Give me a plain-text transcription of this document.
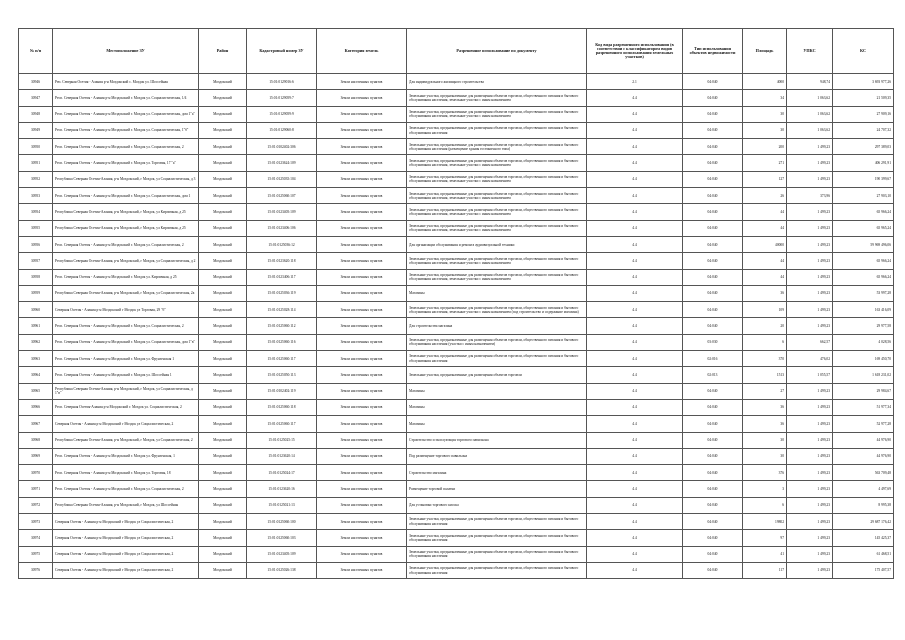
№ п/п	Местоположение ЗУ	Район	Кадастровый номер ЗУ	Категория земель	Разрешенное использование по документу	Код вида разрешенного использования (в соответствии с классификатором видов разрешенного использования земельных участков)	Тип использования объектов недвижимости	Площадь	УПКС	КС
30946	Реп. Северная Осетия - Алания р-н Моздокский с. Моздок ул. Шоссейная	Моздокский	15:01:0129016:6	Земли населенных пунктов	Для индивидуального жилищного строительства	2.1	04:040	4000	948,74	3 693 977,26
30947	Респ. Северная Осетия - Алания р-н Моздокский г. Моздок ул. Социалистическая, 1/4	Моздокский	15:01:0129059:7	Земли населенных пунктов	Земельные участки, предназначенные для размещения объектов торговли, общественного питания и бытового обслуживания населения, земельные участки с иным назначением	4.4	04:040	34	1 063,62	21 509,35
30948	Респ. Северная Осетия - Алания р-н Моздокский г. Моздок ул. Социалистическая, дом 1"а"	Моздокский	15:01:0129059:9	Земли населенных пунктов	Земельные участки, предназначенные для размещения объектов торговли, общественного питания и бытового обслуживания населения, земельные участки с иным назначением	4.4	04:040	30	1 063,62	27 909,16
30949	Респ. Северная Осетия - Алания р-н Моздокский г. Моздок ул. Социалистическая, 1"б"	Моздокский	15:01:0129060:8	Земли населенных пунктов	Земельные участки, предназначенные для размещения объектов торговли, общественного питания и бытового обслуживания населения	4.4	04:040	30	1 063,62	24 707,32
30950	Респ. Северная Осетия - Алания р-н Моздокский г. Моздок ул. Социалистическая, 2	Моздокский	15:01:0102402:306	Земли населенных пунктов	Земельные участки, предназначенные для размещения объектов торговли, общественного питания и бытового обслуживания населения (размещение здания гостиничного типа)	4.4	04:040	200	1 499,23	297 389,03
30951	Респ. Северная Осетия - Алания р-н Моздокский г. Моздок ул. Торговая, 17 "а"	Моздокский	15:01:0123624:109	Земли населенных пунктов	Земельные участки, предназначенные для размещения объектов торговли, общественного питания и бытового обслуживания населения, земельные участки с иным назначением	4.4	04:040	271	1 499,23	406 291,91
30952	Республика Северная Осетия-Алания, р-н Моздокский, г Моздок, ул Социалистическая, д 3	Моздокский	15:01:0125035:104	Земли населенных пунктов	Земельные участки, предназначенные для размещения объектов торговли, общественного питания и бытового обслуживания населения, земельные участки с иным назначением	4.4	04:040	127	1 499,23	190 399,67
30953	Респ. Северная Осетия - Алания р-н Моздокский г. Моздок ул. Социалистическая, дом 1	Моздокский	15:01:0125060:107	Земли населенных пунктов	Земельные участки, предназначенные для размещения объектов торговли, общественного питания и бытового обслуживания населения, земельные участки с иным назначением	4.4	04:040	26	373,96	27 903,10
30954	Республика Северная Осетия-Алания, р-н Моздокский, г Моздок, ул Кирпичная, д 25	Моздокский	15:01:0123405:109	Земли населенных пунктов	Земельные участки, предназначенные для размещения объектов торговли, общественного питания и бытового обслуживания населения, земельные участки с иным назначением	4.4	04:040	44	1 499,23	65 966,24
30955	Республика Северная Осетия-Алания, р-н Моздокский, г Моздок, ул Кирпичная, д 25	Моздокский	15:01:0123406:106	Земли населенных пунктов	Земельные участки, предназначенные для размещения объектов торговли, общественного питания и бытового обслуживания населения, земельные участки с иным назначением	4.4	04:040	44	1 499,23	65 965,24
30956	Респ. Северная Осетия - Алания р-н Моздокский г. Моздок ул. Социалистическая, 2	Моздокский	15:01:0125036:12	Земли населенных пунктов	Для организации обслуживания и ремонта аудиовизуальной техники	4.4	04:040	40000	1 499,23	59 969 496,06
30957	Республика Северная Осетия-Алания, р-н Моздокский, г Моздок, ул Социалистическая, д 2	Моздокский	15:01:0123620:118	Земли населенных пунктов	Земельные участки, предназначенные для размещения объектов торговли, общественного питания и бытового обслуживания населения, земельные участки с иным назначением	4.4	04:040	44	1 499,23	65 966,24
30958	Респ. Северная Осетия - Алания р-н Моздокский г. Моздок ул. Кирпичная, д 25	Моздокский	15:01:0123406:117	Земли населенных пунктов	Земельные участки, предназначенные для размещения объектов торговли, общественного питания и бытового обслуживания населения, земельные участки с иным назначением	4.4	04:040	44	1 499,23	65 966,24
30959	Республика Северная Осетия-Алания, р-н Моздокский, г Моздок, ул Социалистическая, 2а	Моздокский	15:01:0125036:119	Земли населенных пунктов	Магазины	4.4	04:040	36	1 499,23	53 997,28
30960	Северная Осетия - Алания р-н Моздокский г Моздок ул Торговая, 29 "б"	Моздокский	15:01:0125028:114	Земли населенных пунктов	Земельные участки, предназначенные для размещения объектов торговли, общественного питания и бытового обслуживания населения, земельные участки с иным назначением (под строительство и содержание магазина)	4.4	04:040	109	1 499,23	163 416,09
30961	Респ. Северная Осетия - Алания р-н Моздокский г. Моздок ул. Социалистическая, 2	Моздокский	15:01:0125060:112	Земли населенных пунктов	Для строительства магазина	4.4	04:040	20	1 499,23	29 977,58
30962	Респ. Северная Осетия - Алания р-н Моздокский г. Моздок ул. Социалистическая, дом 1"в"	Моздокский	15:01:0125060:116	Земли населенных пунктов	Земельные участки, предназначенные для размещения объектов торговли, общественного питания и бытового обслуживания населения (участки с иным назначением)	4.4	03:030	6	662,57	4 028,56
30963	Респ. Северная Осетия - Алания р-н Моздокский г. Моздок ул. Фрунзенская 1	Моздокский	15:01:0125060:117	Земли населенных пунктов	Земельные участки, предназначенные для размещения объектов торговли, общественного питания и бытового обслуживания населения	4.4	02:016	370	476,02	169 450,70
30964	Респ. Северная Осетия - Алания р-н Моздокский г. Моздок ул. Шоссейная 1	Моздокский	15:01:0125050:113	Земли населенных пунктов	Земельные участки, предназначенные для размещения объектов торговли	4.4	02:013	1513	1 055,57	1 618 231,02
30965	Республика Северная Осетия-Алания, р-н Моздокский, г Моздок, ул Социалистическая, д 1"в"	Моздокский	15:01:0102402:119	Земли населенных пунктов	Магазины	4.4	04:040	27	1 499,23	29 984,67
30966	Респ. Северная Осетия-Алания р-н Моздокский г. Моздок ул. Социалистическая, 2	Моздокский	15:01:0125060:118	Земли населенных пунктов	Магазины	4.4	04:040	36	1 499,23	51 977,34
30967	Северная Осетия - Алания р-н Моздокский г Моздок ул Социалистическая, 2	Моздокский	15:01:0125060:117	Земли населенных пунктов	Магазины	4.4	04:040	36	1 499,23	52 977,28
30968	Республика Северная Осетия-Алания, р-н Моздокский, г Моздок, ул Социалистическая, 2	Моздокский	15:01:0125025:15	Земли населенных пунктов	Строительство и эксплуатация торгового павильона	4.4	04:040	30	1 499,23	44 976,90
30969	Респ. Северная Осетия - Алания р-н Моздокский г. Моздок ул. Фрунзенская, 1	Моздокский	15:01:0123620:14	Земли населенных пунктов	Под размещение торгового павильона	4.4	04:040	30	1 499,23	44 976,90
30970	Респ. Северная Осетия - Алания р-н Моздокский г. Моздок ул. Торговая, 18	Моздокский	15:01:0125024:17	Земли населенных пунктов	Строительство магазина	4.4	04:040	376	1 499,23	563 709,48
30971	Респ. Северная Осетия - Алания р-н Моздокский г. Моздок ул. Социалистическая, 2	Моздокский	15:01:0123620:16	Земли населенных пунктов	Размещение торговой палатки	4.4	04:040	3	1 499,23	4 497,69
30972	Республика Северная Осетия-Алания, р-н Моздокский, г Моздок, ул Шоссейная	Моздокский	15:01:0125021:13	Земли населенных пунктов	Для установки торгового киоска	4.4	04:040	6	1 499,23	8 995,38
30973	Северная Осетия - Алания р-н Моздокский г Моздок ул Социалистическая, 2	Моздокский	15:01:0125060:100	Земли населенных пунктов	Земельные участки, предназначенные для размещения объектов торговли, общественного питания и бытового обслуживания населения	4.4	04:040	19802	1 499,23	29 687 176,42
30974	Северная Осетия - Алания р-н Моздокский г Моздок ул Социалистическая, 2	Моздокский	15:01:0125060:103	Земли населенных пунктов	Земельные участки, предназначенные для размещения объектов торговли, общественного питания и бытового обслуживания населения	4.4	04:040	97	1 499,23	145 425,37
30975	Северная Осетия - Алания р-н Моздокский г Моздок ул Социалистическая, 2	Моздокский	15:01:0123405:109	Земли населенных пунктов	Земельные участки, предназначенные для размещения объектов торговли, общественного питания и бытового обслуживания населения	4.4	04:040	41	1 499,23	61 468,51
30976	Северная Осетия - Алания р-н Моздокский г Моздок ул Социалистическая, 2	Моздокский	15:01:0125026:138	Земли населенных пунктов	Земельные участки, предназначенные для размещения объектов торговли, общественного питания и бытового обслуживания населения	4.4	04:040	117	1 499,23	175 407,57
